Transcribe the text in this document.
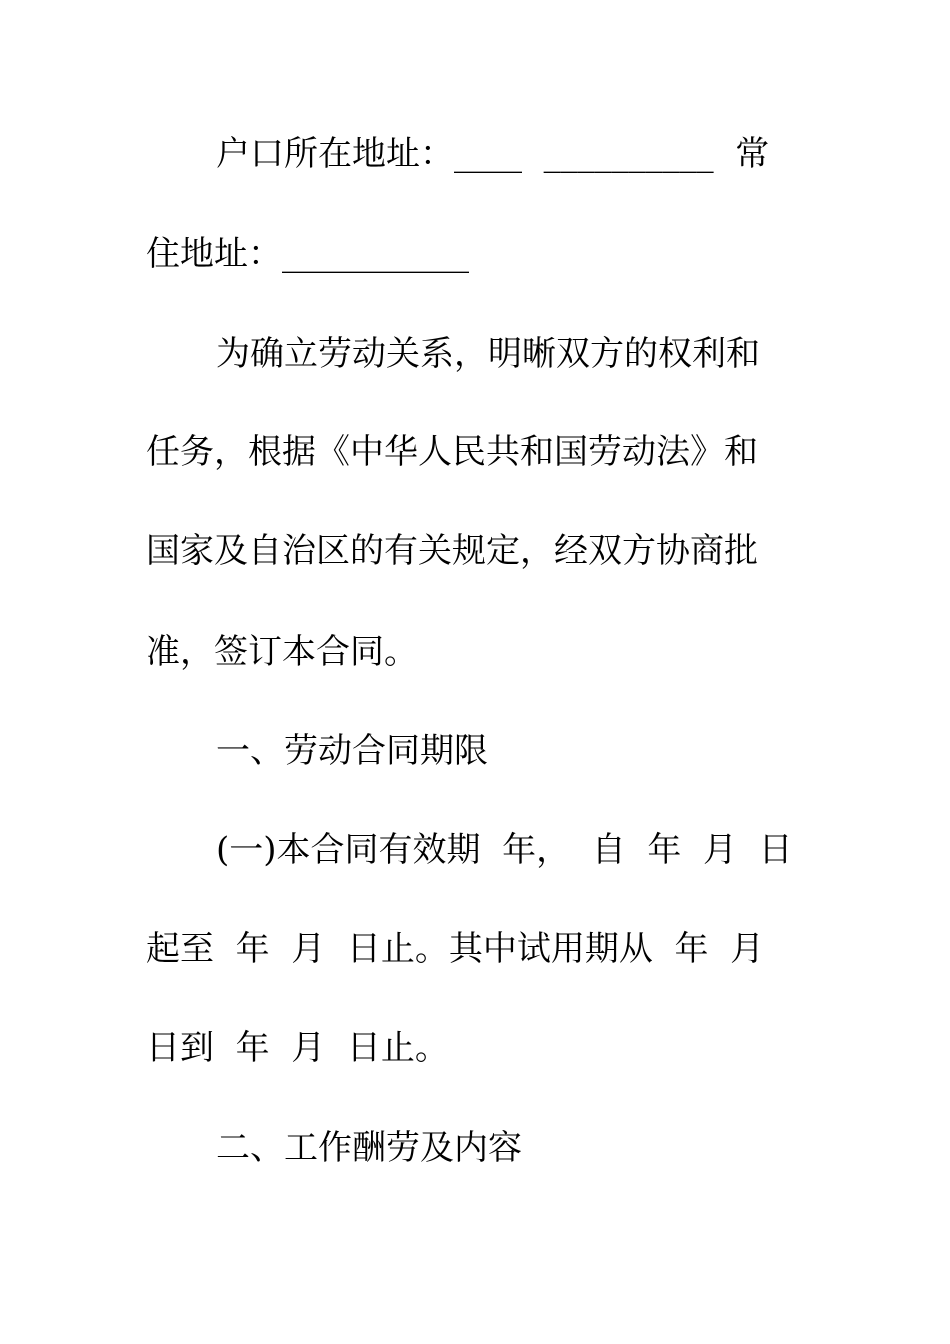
户口所在地址：____  __________  常
住地址：___________
为确立劳动关系，明晰双方的权利和
任务，根据《中华人民共和国劳动法》和
国家及自治区的有关规定，经双方协商批
准，签订本合同。
一、劳动合同期限
(一)本合同有效期  年，  自  年  月  日
起至  年  月  日止。其中试用期从  年  月
日到  年  月  日止。
二、工作酬劳及内容
